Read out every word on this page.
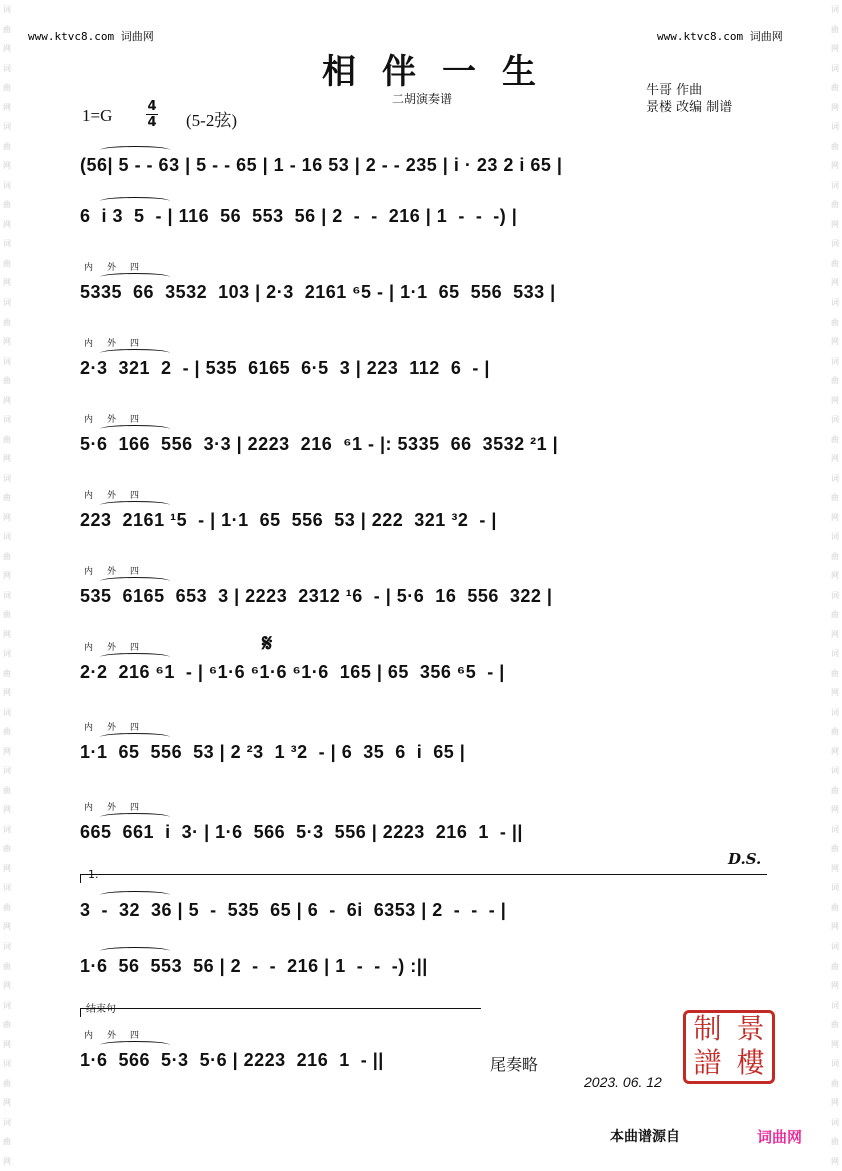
词
曲
网
词
曲
网
词
曲
网
词
曲
网
词
曲
网
词
曲
网
词
曲
网
词
曲
网
词
曲
网
词
曲
网
词
曲
网
词
曲
网
词
曲
网
词
曲
网
词
曲
网
词
曲
网
词
曲
网
词
曲
网
词
曲
网
词
曲
网
词
曲
网
词
曲
网
词
曲
网
词
曲
网
词
曲
网
词
曲
网
词
曲
网
词
曲
网
词
曲
网
词
曲
网
词
曲
网
词
曲
网
词
曲
网
词
曲
网
词
曲
网
词
曲
网
词
曲
网
词
曲
网
词
曲
网
词
曲
网
www.ktvc8.com 词曲网	www.ktvc8.com 词曲网
相伴一生
二胡演奏谱
1=G	4
4 (5-2弦)
牛哥 作曲
景楼 改编 制谱
(56| 5 - - 63 | 5 - - 65 | 1 - 16 53 | 2 - - 235 | i · 23 2 i 65 |
6  i 3  5  - | 116  56  553  56 | 2  -  -  216 | 1  -  -  -) |
5335  66  3532  103 | 2·3  2161 ⁶5 - | 1·1  65  556  533 |
内外四
2·3  321  2  - | 535  6165  6·5  3 | 223  112  6  - |
内外四
5·6  166  556  3·3 | 2223  216  ⁶1 - |: 5335  66  3532 ²1 |
内外四
223  2161 ¹5  - | 1·1  65  556  53 | 222  321 ³2  - |
内外四
535  6165  653  3 | 2223  2312 ¹6  - | 5·6  16  556  322 |
内外四
2·2  216 ⁶1  - | ⁶1·6 ⁶1·6 ⁶1·6  165 | 65  356 ⁶5  - |
内外四
1·1  65  556  53 | 2 ²3  1 ³2  - | 6  35  6  i  65 |
内外四
665  661  i  3· | 1·6  566  5·3  556 | 2223  216  1  - ||
内外四
3  -  32  36 | 5  -  535  65 | 6  -  6i  6353 | 2  -  -  - |
1·6  56  553  56 | 2  -  -  216 | 1  -  -  -) :||
1·6  566  5·3  5·6 | 2223  216  1  - ||
内外四
1.
结束句
D.S.
𝄋
尾奏略
制 景
譜 樓
2023. 06. 12
本曲谱源自	词曲网
